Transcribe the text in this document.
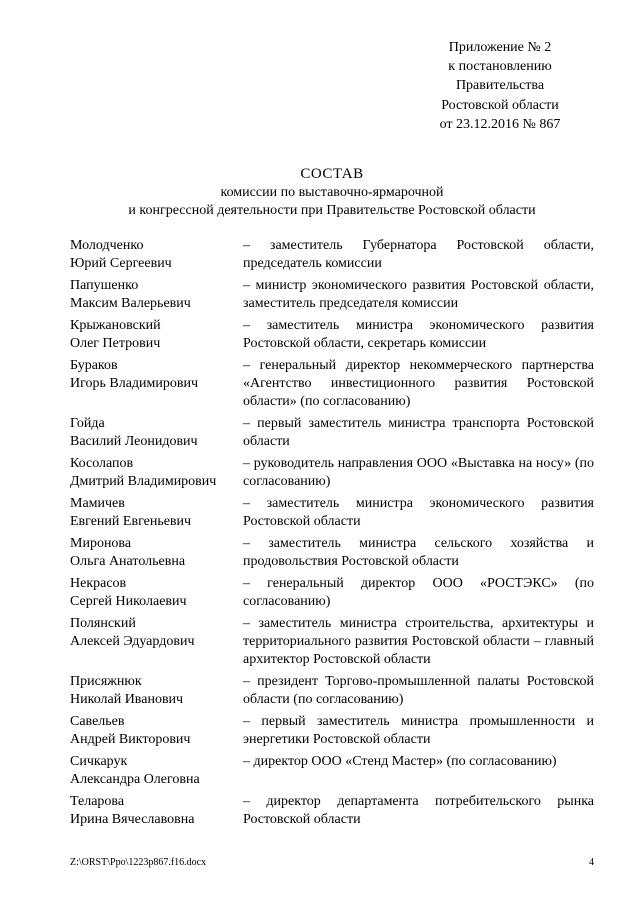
Приложение № 2
к постановлению
Правительства
Ростовской области
от 23.12.2016 № 867
СОСТАВ
комиссии по выставочно-ярмарочной
и конгрессной деятельности при Правительстве Ростовской области
Молодченко
Юрий Сергеевич
– заместитель Губернатора Ростовской области, председатель комиссии
Папушенко
Максим Валерьевич
– министр экономического развития Ростовской области, заместитель председателя комиссии
Крыжановский
Олег Петрович
– заместитель министра экономического развития Ростовской области, секретарь комиссии
Бураков
Игорь Владимирович
– генеральный директор некоммерческого партнерства «Агентство инвестиционного развития Ростовской области» (по согласованию)
Гойда
Василий Леонидович
– первый заместитель министра транспорта Ростовской области
Косолапов
Дмитрий Владимирович
– руководитель направления ООО «Выставка на носу» (по согласованию)
Мамичев
Евгений Евгеньевич
– заместитель министра экономического развития Ростовской области
Миронова
Ольга Анатольевна
– заместитель министра сельского хозяйства и продовольствия Ростовской области
Некрасов
Сергей Николаевич
– генеральный директор ООО «РОСТЭКС» (по согласованию)
Полянский
Алексей Эдуардович
– заместитель министра строительства, архитектуры и территориального развития Ростовской области – главный архитектор Ростовской области
Присяжнюк
Николай Иванович
– президент Торгово-промышленной палаты Ростовской области (по согласованию)
Савельев
Андрей Викторович
– первый заместитель министра промышленности и энергетики Ростовской области
Сичкарук
Александра Олеговна
– директор ООО «Стенд Мастер» (по согласованию)
Теларова
Ирина Вячеславовна
– директор департамента потребительского рынка Ростовской области
Z:\ORST\Ppo\1223p867.f16.docx	4
